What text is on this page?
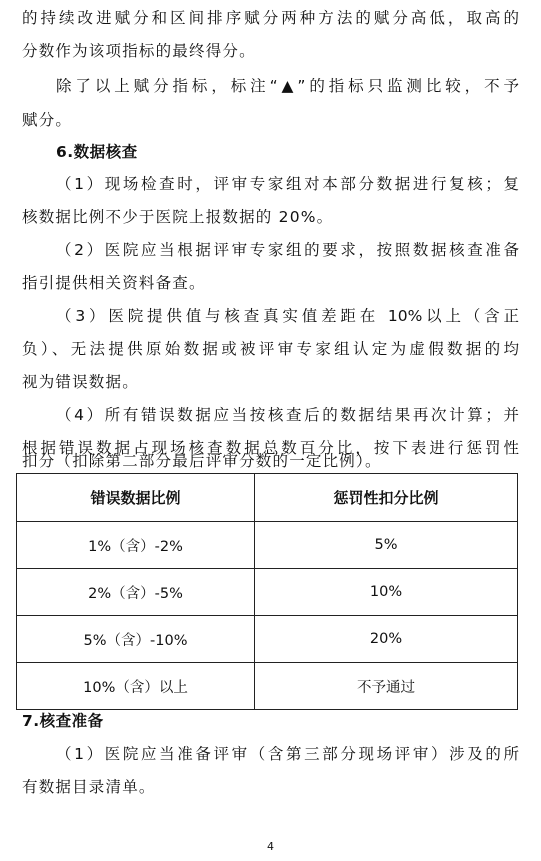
的持续改进赋分和区间排序赋分两种方法的赋分高低，取高的
分数作为该项指标的最终得分。
除了以上赋分指标，标注“▲”的指标只监测比较，不予
赋分。
6.数据核查
（1）现场检查时，评审专家组对本部分数据进行复核；复
核数据比例不少于医院上报数据的 20%。
（2）医院应当根据评审专家组的要求，按照数据核查准备
指引提供相关资料备查。
（3）医院提供值与核查真实值差距在 10%以上（含正
负）、无法提供原始数据或被评审专家组认定为虚假数据的均
视为错误数据。
（4）所有错误数据应当按核查后的数据结果再次计算；并
根据错误数据占现场核查数据总数百分比，按下表进行惩罚性
扣分（扣除第二部分最后评审分数的一定比例）。
错误数据比例	惩罚性扣分比例
1%（含）-2%	5%
2%（含）-5%	10%
5%（含）-10%	20%
10%（含）以上	不予通过
7.核查准备
（1）医院应当准备评审（含第三部分现场评审）涉及的所
有数据目录清单。
4
